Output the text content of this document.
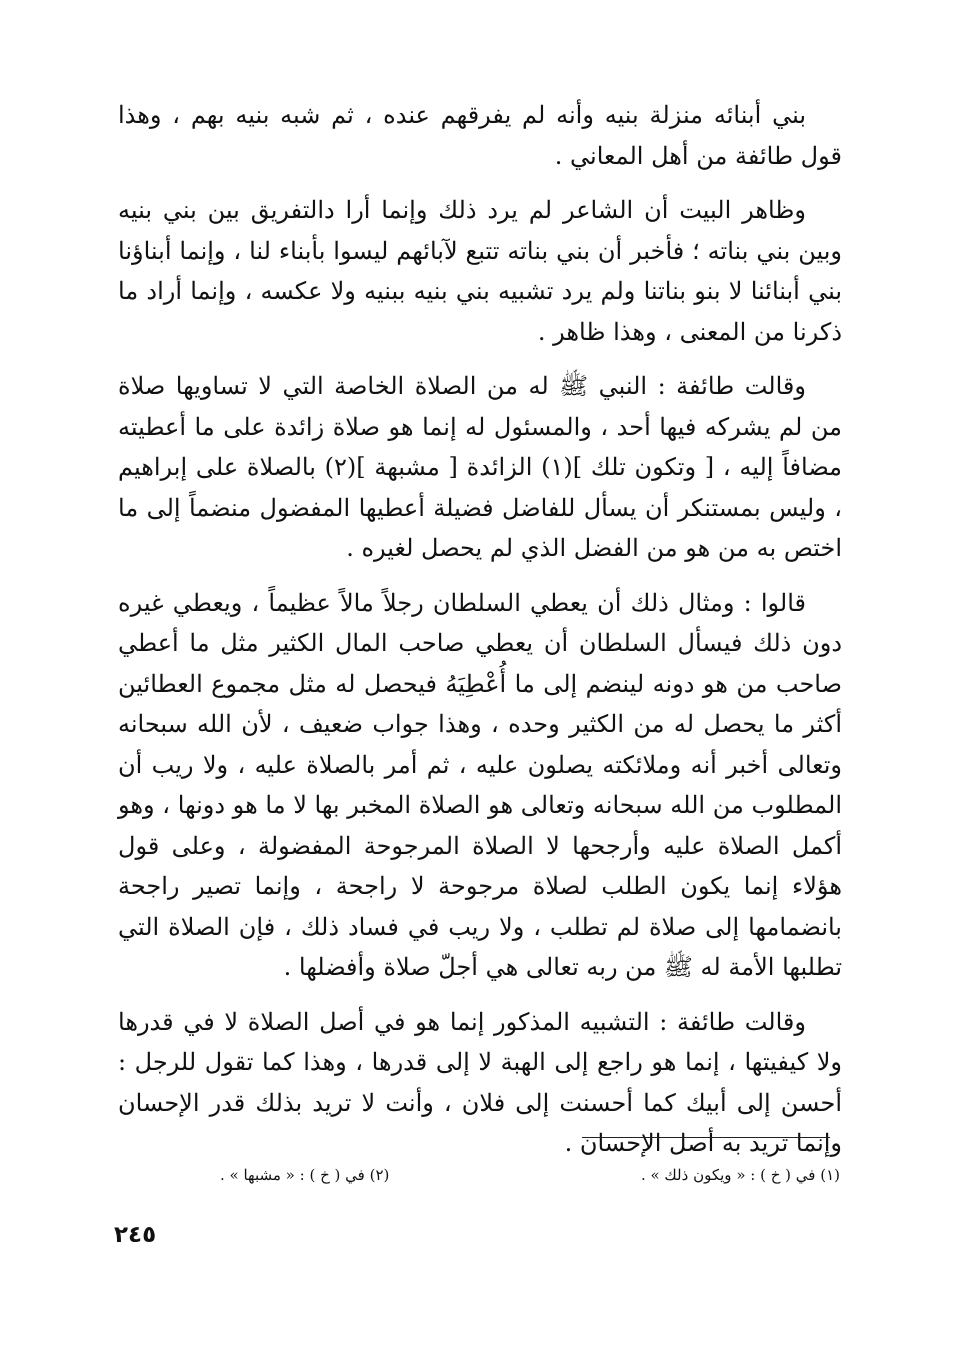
بني أبنائه منزلة بنيه وأنه لم يفرقهم عنده ، ثم شبه بنيه بهم ، وهذا قول طائفة من أهل المعاني .

وظاهر البيت أن الشاعر لم يرد ذلك وإنما أرا دالتفريق بين بني بنيه وبين بني بناته ؛ فأخبر أن بني بناته تتبع لآبائهم ليسوا بأبناء لنا ، وإنما أبناؤنا بني أبنائنا لا بنو بناتنا ولم يرد تشبيه بني بنيه ببنيه ولا عكسه ، وإنما أراد ما ذكرنا من المعنى ، وهذا ظاهر .

وقالت طائفة : النبي ﷺ له من الصلاة الخاصة التي لا تساويها صلاة من لم يشركه فيها أحد ، والمسئول له إنما هو صلاة زائدة على ما أعطيته مضافاً إليه ، [ وتكون تلك ](١) الزائدة [ مشبهة ](٢) بالصلاة على إبراهيم ، وليس بمستنكر أن يسأل للفاضل فضيلة أعطيها المفضول منضماً إلى ما اختص به من هو من الفضل الذي لم يحصل لغيره .

قالوا : ومثال ذلك أن يعطي السلطان رجلاً مالاً عظيماً ، ويعطي غيره دون ذلك فيسأل السلطان أن يعطي صاحب المال الكثير مثل ما أعطي صاحب من هو دونه لينضم إلى ما أُعْطِيَهُ فيحصل له مثل مجموع العطائين أكثر ما يحصل له من الكثير وحده ، وهذا جواب ضعيف ، لأن الله سبحانه وتعالى أخبر أنه وملائكته يصلون عليه ، ثم أمر بالصلاة عليه ، ولا ريب أن المطلوب من الله سبحانه وتعالى هو الصلاة المخبر بها لا ما هو دونها ، وهو أكمل الصلاة عليه وأرجحها لا الصلاة المرجوحة المفضولة ، وعلى قول هؤلاء إنما يكون الطلب لصلاة مرجوحة لا راجحة ، وإنما تصير راجحة بانضمامها إلى صلاة لم تطلب ، ولا ريب في فساد ذلك ، فإن الصلاة التي تطلبها الأمة له ﷺ من ربه تعالى هي أجلّ صلاة وأفضلها .

وقالت طائفة : التشبيه المذكور إنما هو في أصل الصلاة لا في قدرها ولا كيفيتها ، إنما هو راجع إلى الهبة لا إلى قدرها ، وهذا كما تقول للرجل : أحسن إلى أبيك كما أحسنت إلى فلان ، وأنت لا تريد بذلك قدر الإحسان وإنما تريد به أصل الإحسان .

(١) في ( خ ) : « ويكون ذلك » .
(٢) في ( خ ) : « مشبها » .
٢٤٥
